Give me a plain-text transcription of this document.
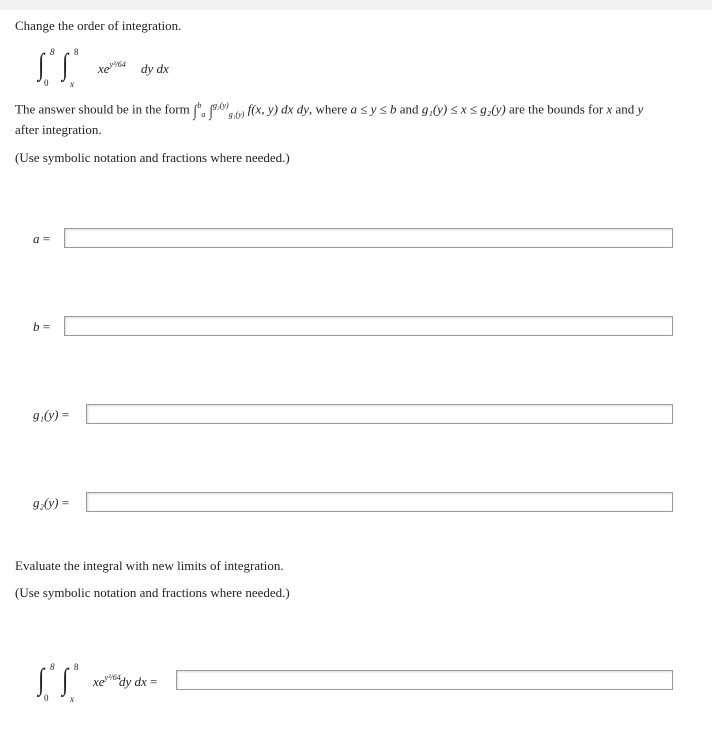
Change the order of integration.
∫ 8
0
∫ 8
x
$xe^{y^3/64}$ dy dx
The answer should be in the form ∫$^b_a$ ∫$^{g_2(y)}_{g_1(y)}$ f(x, y) dx dy, where a ≤ y ≤ b and g₁(y) ≤ x ≤ g₂(y) are the bounds for x and y
after integration.
(Use symbolic notation and fractions where needed.)
a =
b =
g₁(y) =
g₂(y) =
Evaluate the integral with new limits of integration.
(Use symbolic notation and fractions where needed.)
∫ 8
0
∫ 8
x
$xe^{y^3/64}$
dy dx =
